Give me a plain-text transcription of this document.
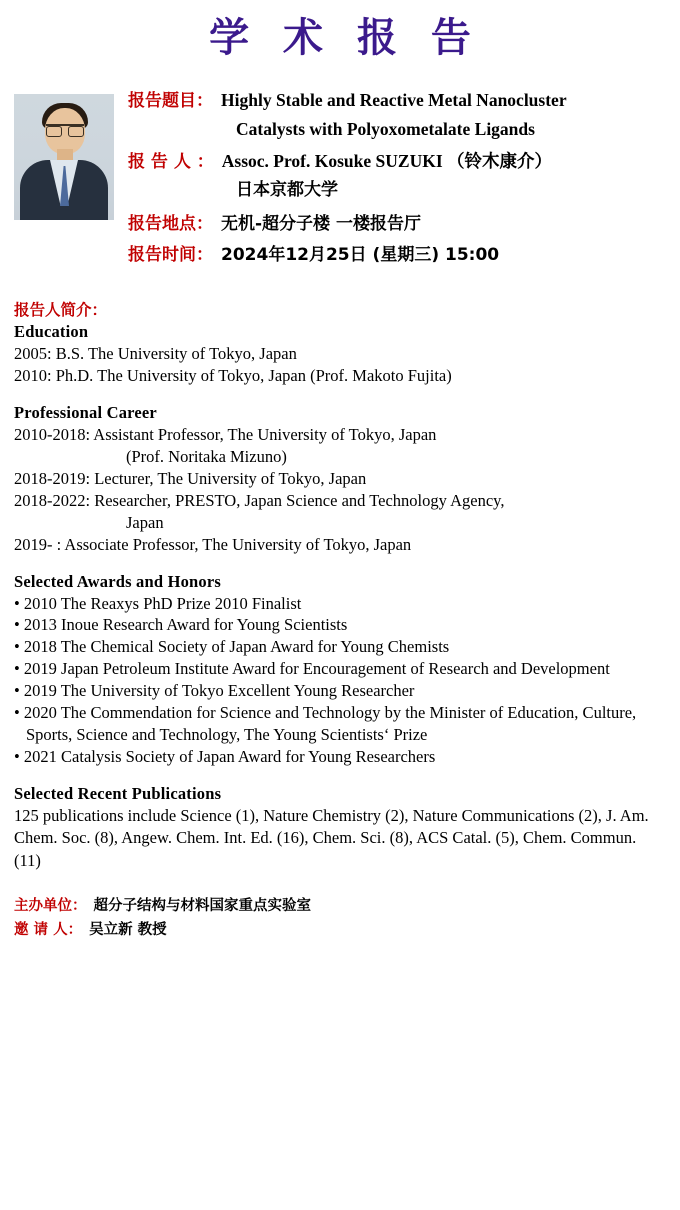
学 术 报 告
报告题目： Highly Stable and Reactive Metal Nanocluster
Catalysts with Polyoxometalate Ligands
报 告 人 ： Assoc. Prof. Kosuke SUZUKI （铃木康介）
日本京都大学
报告地点： 无机-超分子楼 一楼报告厅
报告时间： 2024年12月25日 (星期三) 15:00
报告人简介：
Education
2005: B.S. The University of Tokyo, Japan
2010: Ph.D. The University of Tokyo, Japan (Prof. Makoto Fujita)
Professional Career
2010-2018: Assistant Professor, The University of Tokyo, Japan
(Prof. Noritaka Mizuno)
2018-2019: Lecturer, The University of Tokyo, Japan
2018-2022: Researcher, PRESTO, Japan Science and Technology Agency,
Japan
2019- : Associate Professor, The University of Tokyo, Japan
Selected Awards and Honors
• 2010 The Reaxys PhD Prize 2010 Finalist
• 2013 Inoue Research Award for Young Scientists
• 2018 The Chemical Society of Japan Award for Young Chemists
• 2019 Japan Petroleum Institute Award for Encouragement of Research and Development
• 2019 The University of Tokyo Excellent Young Researcher
• 2020 The Commendation for Science and Technology by the Minister of Education, Culture, Sports, Science and Technology, The Young Scientists‘ Prize
• 2021 Catalysis Society of Japan Award for Young Researchers
Selected Recent Publications
125 publications include Science (1), Nature Chemistry (2), Nature Communications (2), J. Am. Chem. Soc. (8), Angew. Chem. Int. Ed. (16), Chem. Sci. (8), ACS Catal. (5), Chem. Commun. (11)
主办单位： 超分子结构与材料国家重点实验室
邀 请 人： 吴立新 教授
